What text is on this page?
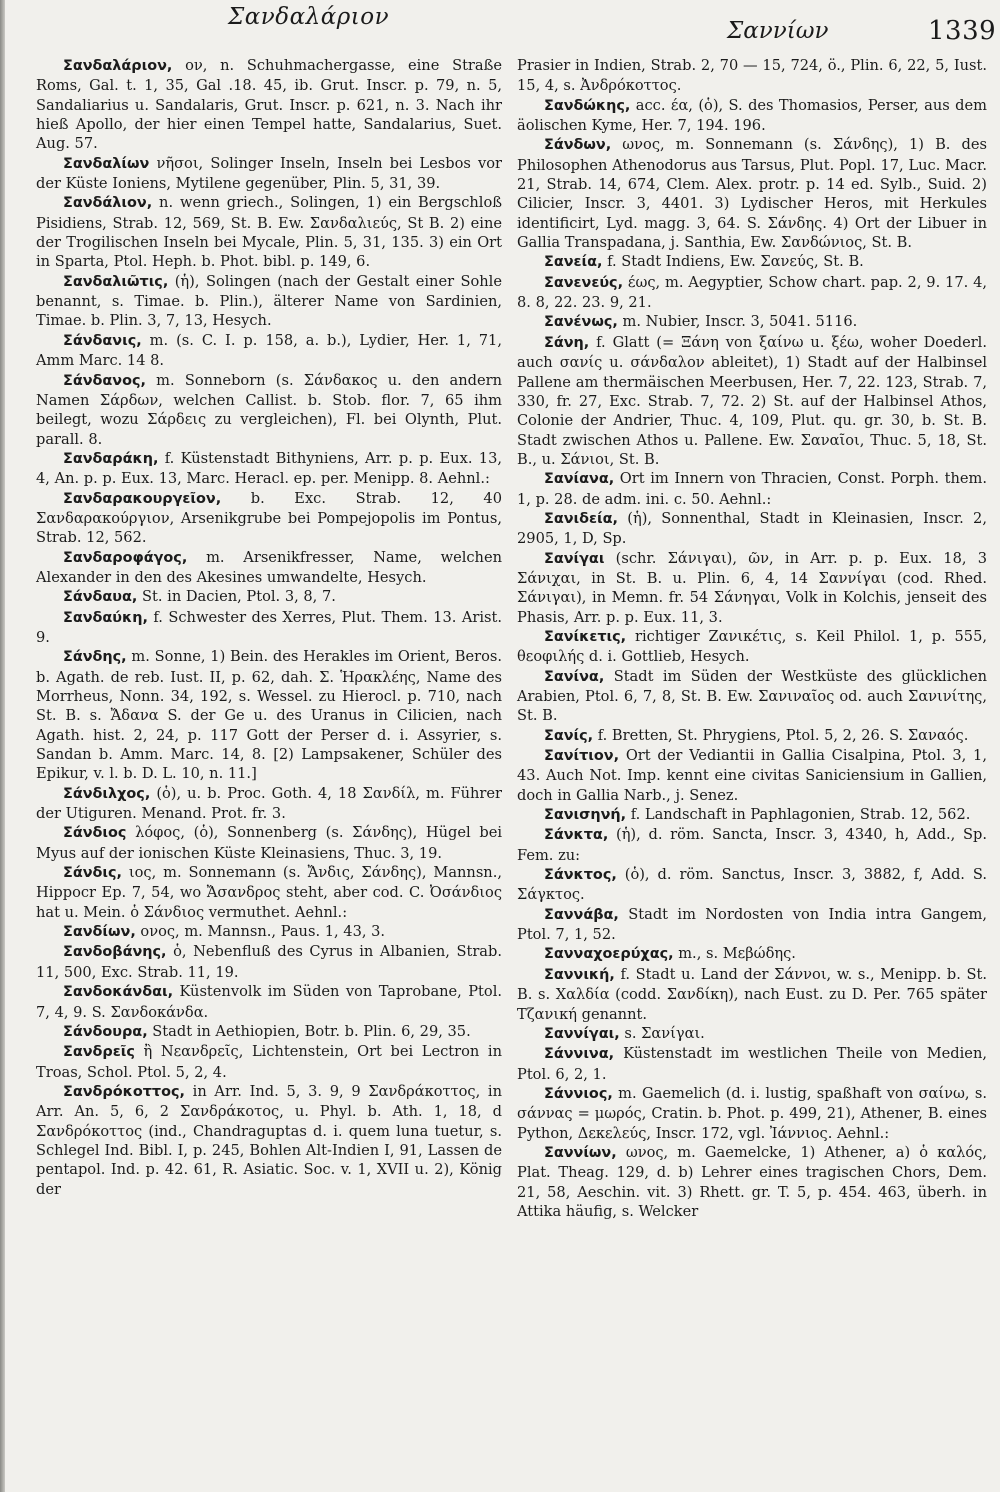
Σανδαλάριον
Σαννίων	1339

Σανδαλάριον, ον, n. Schuhmachergasse, eine Straße Roms, Gal. t. 1, 35, Gal .18. 45, ib. Grut. Inscr. p. 79, n. 5, Sandaliarius u. Sandalaris, Grut. Inscr. p. 621, n. 3. Nach ihr hieß Apollo, der hier einen Tempel hatte, Sandalarius, Suet. Aug. 57.

Σανδαλίων νῆσοι, Solinger Inseln, Inseln bei Lesbos vor der Küste Ioniens, Mytilene gegenüber, Plin. 5, 31, 39.

Σανδάλιον, n. wenn griech., Solingen, 1) ein Bergschloß Pisidiens, Strab. 12, 569, St. B. Ew. Σανδαλιεύς, St B. 2) eine der Trogilischen Inseln bei Mycale, Plin. 5, 31, 135. 3) ein Ort in Sparta, Ptol. Heph. b. Phot. bibl. p. 149, 6.

Σανδαλιῶτις, (ἡ), Solingen (nach der Gestalt einer Sohle benannt, s. Timae. b. Plin.), älterer Name von Sardinien, Timae. b. Plin. 3, 7, 13, Hesych.

Σάνδανις, m. (s. C. I. p. 158, a. b.), Lydier, Her. 1, 71, Amm Marc. 14 8.

Σάνδανος, m. Sonneborn (s. Σάνδακος u. den andern Namen Σάρδων, welchen Callist. b. Stob. flor. 7, 65 ihm beilegt, wozu Σάρδεις zu vergleichen), Fl. bei Olynth, Plut. parall. 8.

Σανδαράκη, f. Küstenstadt Bithyniens, Arr. p. p. Eux. 13, 4, An. p. p. Eux. 13, Marc. Heracl. ep. per. Menipp. 8. Aehnl.:

Σανδαρακουργεῖον, b. Exc. Strab. 12, 40 Σανδαρακούργιον, Arsenikgrube bei Pompejopolis im Pontus, Strab. 12, 562.

Σανδαροφάγος, m. Arsenikfresser, Name, welchen Alexander in den des Akesines umwandelte, Hesych.

Σάνδαυα, St. in Dacien, Ptol. 3, 8, 7.

Σανδαύκη, f. Schwester des Xerres, Plut. Them. 13. Arist. 9.

Σάνδης, m. Sonne, 1) Bein. des Herakles im Orient, Beros. b. Agath. de reb. Iust. II, p. 62, dah. Σ. Ἡρακλέης, Name des Morrheus, Nonn. 34, 192, s. Wessel. zu Hierocl. p. 710, nach St. B. s. Ἄδανα S. der Ge u. des Uranus in Cilicien, nach Agath. hist. 2, 24, p. 117 Gott der Perser d. i. Assyrier, s. Sandan b. Amm. Marc. 14, 8. [2) Lampsakener, Schüler des Epikur, v. l. b. D. L. 10, n. 11.]

Σάνδιλχος, (ὁ), u. b. Proc. Goth. 4, 18 Σανδίλ, m. Führer der Utiguren. Menand. Prot. fr. 3.

Σάνδιος λόφος, (ὁ), Sonnenberg (s. Σάνδης), Hügel bei Myus auf der ionischen Küste Kleinasiens, Thuc. 3, 19.

Σάνδις, ιος, m. Sonnemann (s. Ἄνδις, Σάνδης), Mannsn., Hippocr Ep. 7, 54, wo Ἄσανδρος steht, aber cod. C. Ὀσάνδιος hat u. Mein. ὁ Σάνδιος vermuthet. Aehnl.:

Σανδίων, ονος, m. Mannsn., Paus. 1, 43, 3.

Σανδοβάνης, ὁ, Nebenfluß des Cyrus in Albanien, Strab. 11, 500, Exc. Strab. 11, 19.

Σανδοκάνδαι, Küstenvolk im Süden von Taprobane, Ptol. 7, 4, 9. S. Σανδοκάνδα.

Σάνδουρα, Stadt in Aethiopien, Botr. b. Plin. 6, 29, 35.

Σανδρεῖς ἢ Νεανδρεῖς, Lichtenstein, Ort bei Lectron in Troas, Schol. Ptol. 5, 2, 4.

Σανδρόκοττος, in Arr. Ind. 5, 3. 9, 9 Σανδράκοττος, in Arr. An. 5, 6, 2 Σανδράκοτος, u. Phyl. b. Ath. 1, 18, d Σανδρόκοττος (ind., Chandraguptas d. i. quem luna tuetur, s. Schlegel Ind. Bibl. I, p. 245, Bohlen Alt-Indien I, 91, Lassen de pentapol. Ind. p. 42. 61, R. Asiatic. Soc. v. 1, XVII u. 2), König der

Prasier in Indien, Strab. 2, 70 — 15, 724, ö., Plin. 6, 22, 5, Iust. 15, 4, s. Ἀνδρόκοττος.

Σανδώκης, acc. έα, (ὁ), S. des Thomasios, Perser, aus dem äolischen Kyme, Her. 7, 194. 196.

Σάνδων, ωνος, m. Sonnemann (s. Σάνδης), 1) B. des Philosophen Athenodorus aus Tarsus, Plut. Popl. 17, Luc. Macr. 21, Strab. 14, 674, Clem. Alex. protr. p. 14 ed. Sylb., Suid. 2) Cilicier, Inscr. 3, 4401. 3) Lydischer Heros, mit Herkules identificirt, Lyd. magg. 3, 64. S. Σάνδης. 4) Ort der Libuer in Gallia Transpadana, j. Santhia, Ew. Σανδώνιος, St. B.

Σανεία, f. Stadt Indiens, Ew. Σανεύς, St. B.

Σανενεύς, έως, m. Aegyptier, Schow chart. pap. 2, 9. 17. 4, 8. 8, 22. 23. 9, 21.

Σανένως, m. Nubier, Inscr. 3, 5041. 5116.

Σάνη, f. Glatt (= Ξάνη von ξαίνω u. ξέω, woher Doederl. auch σανίς u. σάνδαλον ableitet), 1) Stadt auf der Halbinsel Pallene am thermäischen Meerbusen, Her. 7, 22. 123, Strab. 7, 330, fr. 27, Exc. Strab. 7, 72. 2) St. auf der Halbinsel Athos, Colonie der Andrier, Thuc. 4, 109, Plut. qu. gr. 30, b. St. B. Stadt zwischen Athos u. Pallene. Ew. Σαναῖοι, Thuc. 5, 18, St. B., u. Σάνιοι, St. B.

Σανίανα, Ort im Innern von Thracien, Const. Porph. them. 1, p. 28. de adm. ini. c. 50. Aehnl.:

Σανιδεία, (ἡ), Sonnenthal, Stadt in Kleinasien, Inscr. 2, 2905, 1, D, Sp.

Σανίγαι (schr. Σάνιγαι), ῶν, in Arr. p. p. Eux. 18, 3 Σάνιχαι, in St. B. u. Plin. 6, 4, 14 Σαννίγαι (cod. Rhed. Σάνιγαι), in Memn. fr. 54 Σάνηγαι, Volk in Kolchis, jenseit des Phasis, Arr. p. p. Eux. 11, 3.

Σανίκετις, richtiger Ζανικέτις, s. Keil Philol. 1, p. 555, θεοφιλής d. i. Gottlieb, Hesych.

Σανίνα, Stadt im Süden der Westküste des glücklichen Arabien, Ptol. 6, 7, 8, St. B. Ew. Σανιναῖος od. auch Σανινίτης, St. B.

Σανίς, f. Bretten, St. Phrygiens, Ptol. 5, 2, 26. S. Σαναός.

Σανίτιον, Ort der Vediantii in Gallia Cisalpina, Ptol. 3, 1, 43. Auch Not. Imp. kennt eine civitas Saniciensium in Gallien, doch in Gallia Narb., j. Senez.

Σανισηνή, f. Landschaft in Paphlagonien, Strab. 12, 562.

Σάνκτα, (ἡ), d. röm. Sancta, Inscr. 3, 4340, h, Add., Sp. Fem. zu:

Σάνκτος, (ὁ), d. röm. Sanctus, Inscr. 3, 3882, f, Add. S. Σάγκτος.

Σαννάβα, Stadt im Nordosten von India intra Gangem, Ptol. 7, 1, 52.

Σανναχοερύχας, m., s. Μεβώδης.

Σαννική, f. Stadt u. Land der Σάννοι, w. s., Menipp. b. St. B. s. Χαλδία (codd. Σανδίκη), nach Eust. zu D. Per. 765 später Τζανική genannt.

Σαννίγαι, s. Σανίγαι.

Σάννινα, Küstenstadt im westlichen Theile von Medien, Ptol. 6, 2, 1.

Σάννιος, m. Gaemelich (d. i. lustig, spaßhaft von σαίνω, s. σάννας = μωρός, Cratin. b. Phot. p. 499, 21), Athener, B. eines Python, Δεκελεύς, Inscr. 172, vgl. Ἰάννιος. Aehnl.:

Σαννίων, ωνος, m. Gaemelcke, 1) Athener, a) ὁ καλός, Plat. Theag. 129, d. b) Lehrer eines tragischen Chors, Dem. 21, 58, Aeschin. vit. 3) Rhett. gr. T. 5, p. 454. 463, überh. in Attika häufig, s. Welcker
